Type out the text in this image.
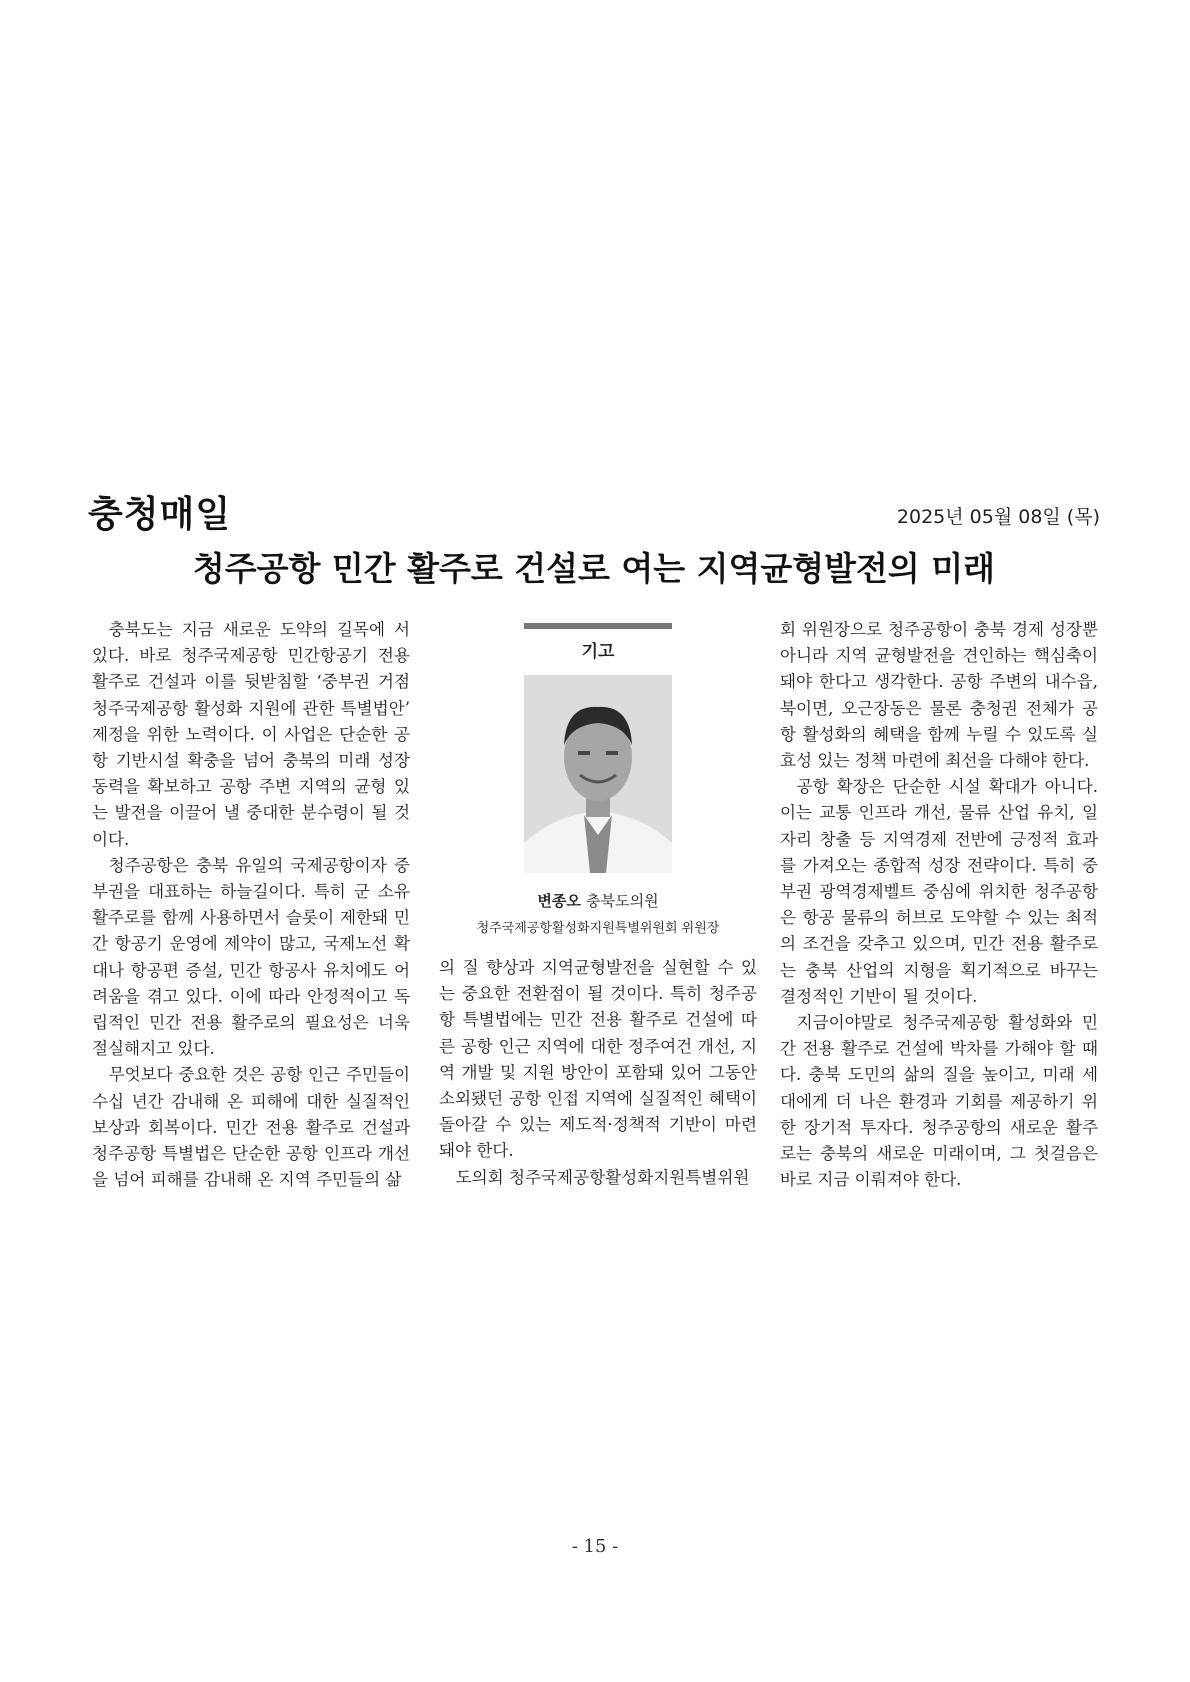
충청매일	2025년 05월 08일 (목)
청주공항 민간 활주로 건설로 여는 지역균형발전의 미래

충북도는 지금 새로운 도약의 길목에 서 있다. 바로 청주국제공항 민간항공기 전용 활주로 건설과 이를 뒷받침할 ‘중부권 거점 청주국제공항 활성화 지원에 관한 특별법안’ 제정을 위한 노력이다. 이 사업은 단순한 공항 기반시설 확충을 넘어 충북의 미래 성장동력을 확보하고 공항 주변 지역의 균형 있는 발전을 이끌어 낼 중대한 분수령이 될 것이다.

청주공항은 충북 유일의 국제공항이자 중부권을 대표하는 하늘길이다. 특히 군 소유 활주로를 함께 사용하면서 슬롯이 제한돼 민간 항공기 운영에 제약이 많고, 국제노선 확대나 항공편 증설, 민간 항공사 유치에도 어려움을 겪고 있다. 이에 따라 안정적이고 독립적인 민간 전용 활주로의 필요성은 너욱 절실해지고 있다.

무엇보다 중요한 것은 공항 인근 주민들이 수십 년간 감내해 온 피해에 대한 실질적인 보상과 회복이다. 민간 전용 활주로 건설과 청주공항 특별법은 단순한 공항 인프라 개선을 넘어 피해를 감내해 온 지역 주민들의 삶

기고
변종오 충북도의원
청주국제공항활성화지원특별위원회 위원장

의 질 향상과 지역균형발전을 실현할 수 있는 중요한 전환점이 될 것이다. 특히 청주공항 특별법에는 민간 전용 활주로 건설에 따른 공항 인근 지역에 대한 정주여건 개선, 지역 개발 및 지원 방안이 포함돼 있어 그동안 소외됐던 공항 인접 지역에 실질적인 혜택이 돌아갈 수 있는 제도적·정책적 기반이 마련돼야 한다.

도의회 청주국제공항활성화지원특별위원

회 위원장으로 청주공항이 충북 경제 성장뿐 아니라 지역 균형발전을 견인하는 핵심축이 돼야 한다고 생각한다. 공항 주변의 내수읍, 북이면, 오근장동은 물론 충청권 전체가 공항 활성화의 혜택을 함께 누릴 수 있도록 실효성 있는 정책 마련에 최선을 다해야 한다.

공항 확장은 단순한 시설 확대가 아니다. 이는 교통 인프라 개선, 물류 산업 유치, 일자리 창출 등 지역경제 전반에 긍정적 효과를 가져오는 종합적 성장 전략이다. 특히 중부권 광역경제벨트 중심에 위치한 청주공항은 항공 물류의 허브로 도약할 수 있는 최적의 조건을 갖추고 있으며, 민간 전용 활주로는 충북 산업의 지형을 획기적으로 바꾸는 결정적인 기반이 될 것이다.

지금이야말로 청주국제공항 활성화와 민간 전용 활주로 건설에 박차를 가해야 할 때다. 충북 도민의 삶의 질을 높이고, 미래 세대에게 더 나은 환경과 기회를 제공하기 위한 장기적 투자다. 청주공항의 새로운 활주로는 충북의 새로운 미래이며, 그 첫걸음은 바로 지금 이뤄져야 한다.

- 15 -
